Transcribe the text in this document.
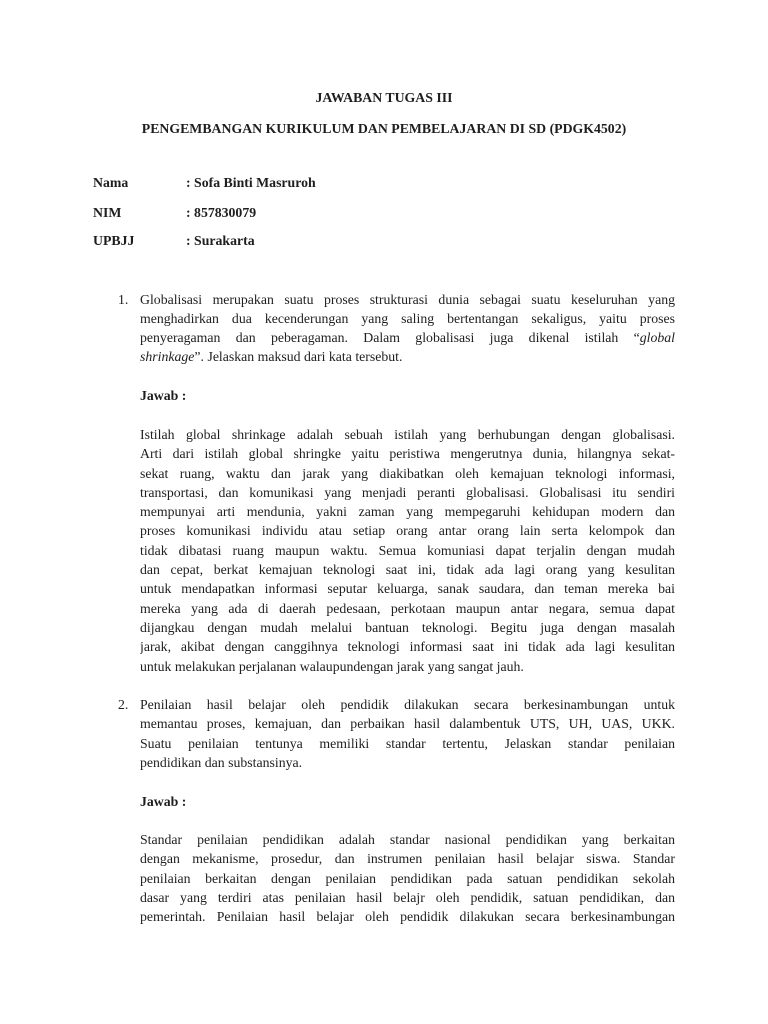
JAWABAN TUGAS III
PENGEMBANGAN KURIKULUM DAN PEMBELAJARAN DI SD (PDGK4502)
Nama	: Sofa Binti Masruroh
NIM	: 857830079
UPBJJ	: Surakarta
1. Globalisasi merupakan suatu proses strukturasi dunia sebagai suatu keseluruhan yang
menghadirkan dua kecenderungan yang saling bertentangan sekaligus, yaitu proses
penyeragaman dan peberagaman. Dalam globalisasi juga dikenal istilah “global
shrinkage”. Jelaskan maksud dari kata tersebut.
Jawab :
Istilah global shrinkage adalah sebuah istilah yang berhubungan dengan globalisasi.
Arti dari istilah global shringke yaitu peristiwa mengerutnya dunia, hilangnya sekat-
sekat ruang, waktu dan jarak yang diakibatkan oleh kemajuan teknologi informasi,
transportasi, dan komunikasi yang menjadi peranti globalisasi. Globalisasi itu sendiri
mempunyai arti mendunia, yakni zaman yang mempegaruhi kehidupan modern dan
proses komunikasi individu atau setiap orang antar orang lain serta kelompok dan
tidak dibatasi ruang maupun waktu. Semua komuniasi dapat terjalin dengan mudah
dan cepat, berkat kemajuan teknologi saat ini, tidak ada lagi orang yang kesulitan
untuk mendapatkan informasi seputar keluarga, sanak saudara, dan teman mereka bai
mereka yang ada di daerah pedesaan, perkotaan maupun antar negara, semua dapat
dijangkau dengan mudah melalui bantuan teknologi. Begitu juga dengan masalah
jarak, akibat dengan canggihnya teknologi informasi saat ini tidak ada lagi kesulitan
untuk melakukan perjalanan walaupundengan jarak yang sangat jauh.
2. Penilaian hasil belajar oleh pendidik dilakukan secara berkesinambungan untuk
memantau proses, kemajuan, dan perbaikan hasil dalambentuk UTS, UH, UAS, UKK.
Suatu penilaian tentunya memiliki standar tertentu, Jelaskan standar penilaian
pendidikan dan substansinya.
Jawab :
Standar penilaian pendidikan adalah standar nasional pendidikan yang berkaitan
dengan mekanisme, prosedur, dan instrumen penilaian hasil belajar siswa. Standar
penilaian berkaitan dengan penilaian pendidikan pada satuan pendidikan sekolah
dasar yang terdiri atas penilaian hasil belajr oleh pendidik, satuan pendidikan, dan
pemerintah. Penilaian hasil belajar oleh pendidik dilakukan secara berkesinambungan
